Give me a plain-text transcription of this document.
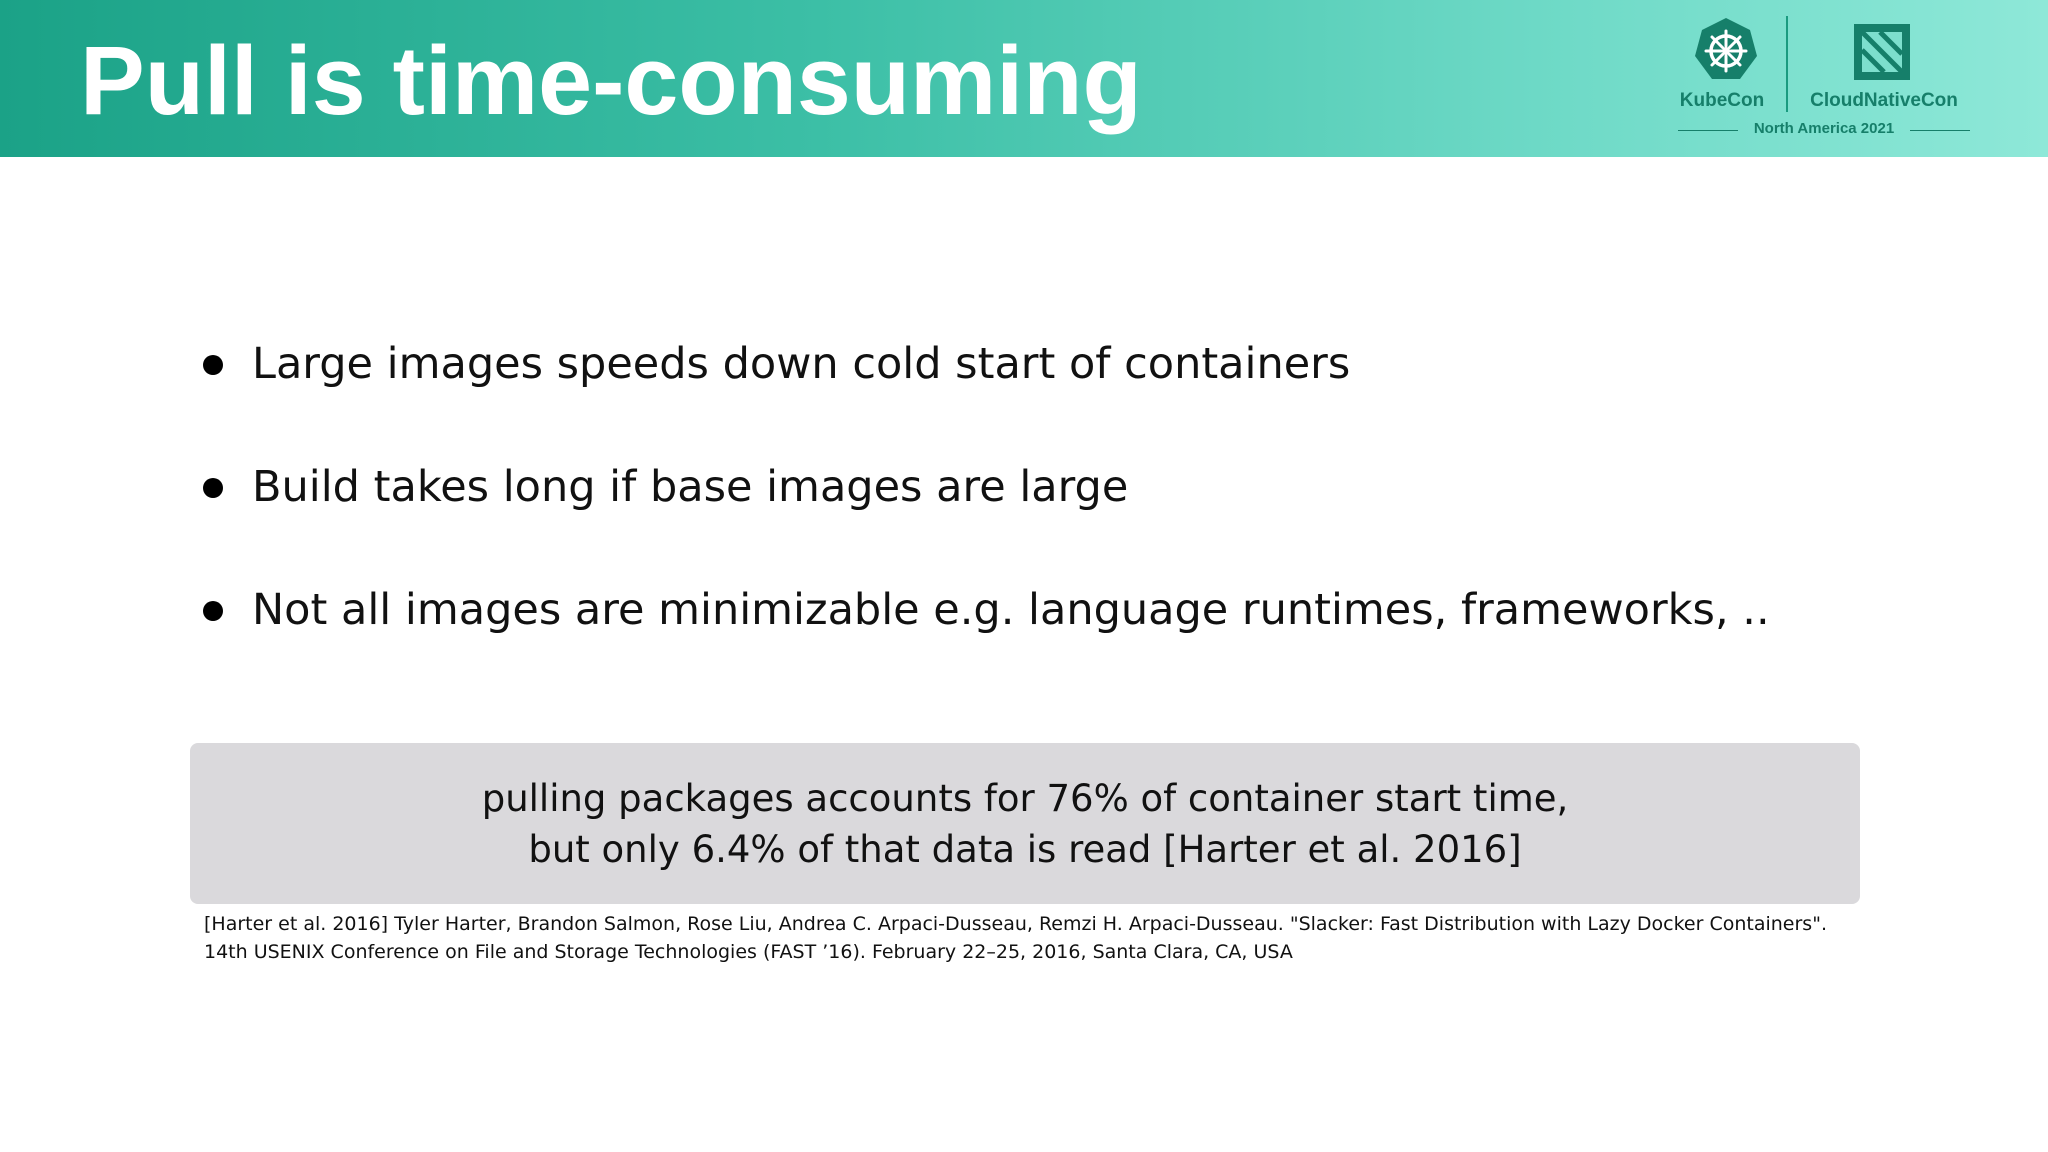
Pull is time-consuming	KubeCon	CloudNativeCon
North America 2021
Large images speeds down cold start of containers
Build takes long if base images are large
Not all images are minimizable e.g. language runtimes, frameworks, ..
pulling packages accounts for 76% of container start time,
but only 6.4% of that data is read [Harter et al. 2016]
[Harter et al. 2016] Tyler Harter, Brandon Salmon, Rose Liu, Andrea C. Arpaci-Dusseau, Remzi H. Arpaci-Dusseau. "Slacker: Fast Distribution with Lazy Docker Containers".
14th USENIX Conference on File and Storage Technologies (FAST ’16). February 22–25, 2016, Santa Clara, CA, USA
